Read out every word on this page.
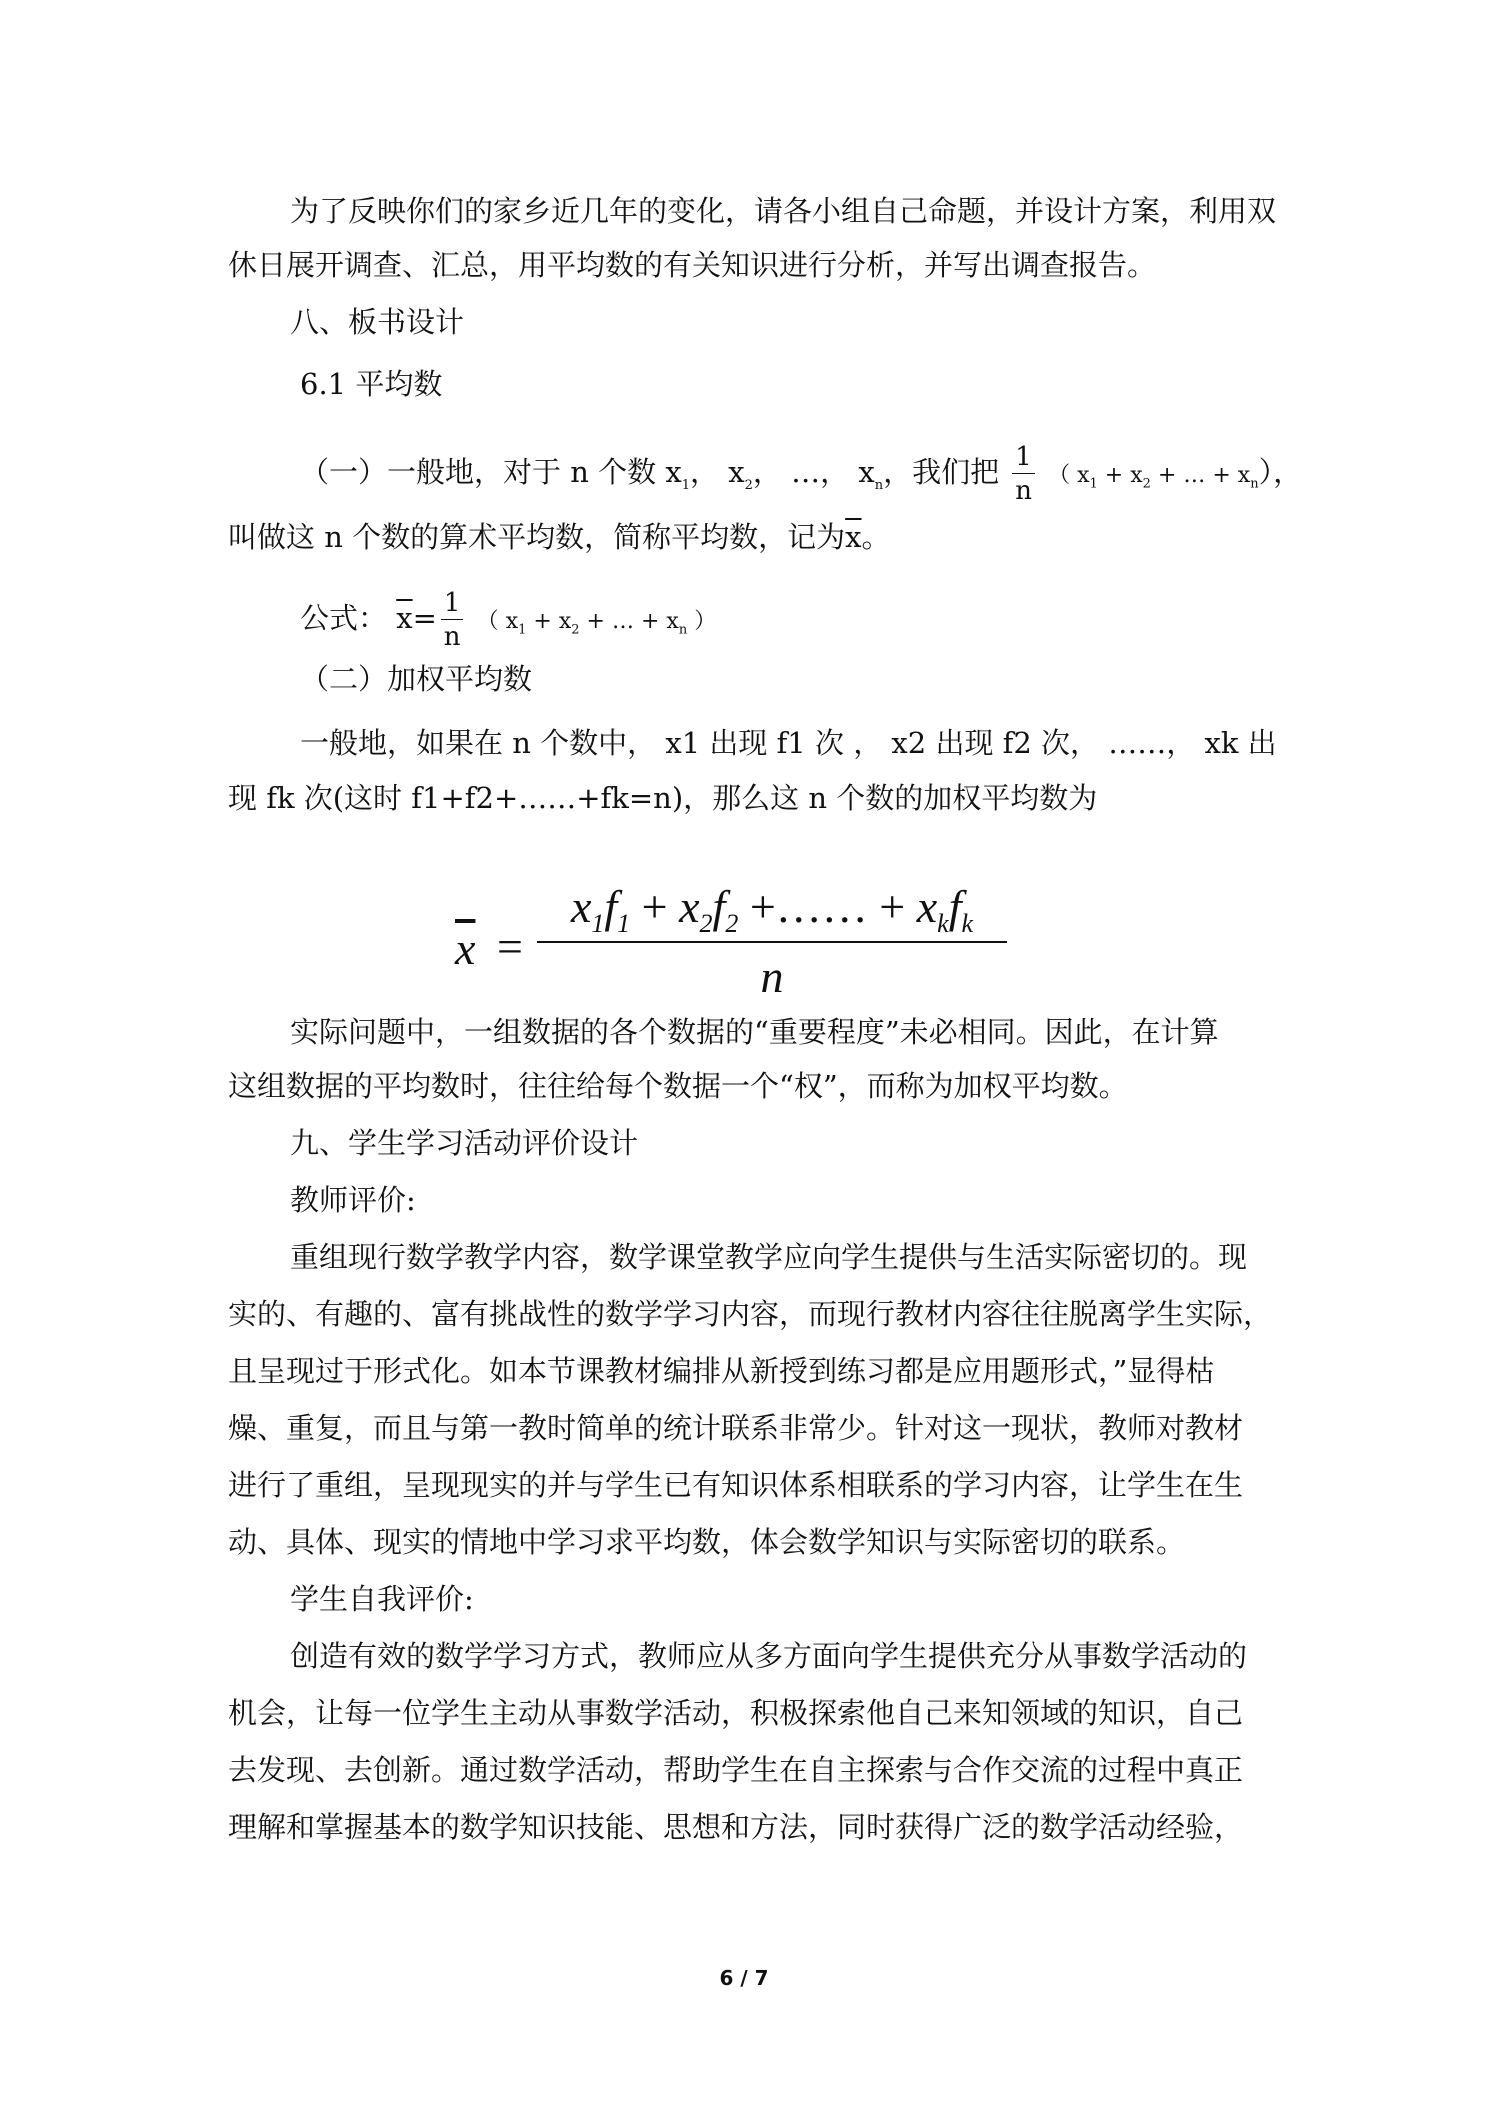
为了反映你们的家乡近几年的变化，请各小组自己命题，并设计方案，利用双
休日展开调查、汇总，用平均数的有关知识进行分析，并写出调查报告。
八、板书设计
6.1 平均数
（一）一般地，对于 n 个数 $x_1$， $x_2$， …， $x_n$，我们把 $\frac{1}{n}$ （ $x_1 + x_2$ + … + $x_n$），
叫做这 n 个数的算术平均数，简称平均数，记为$\overline{x}$。
公式： $\overline{x}= \frac{1}{n}$ （ $x_1 + x_2$ + … + $x_n$ ）
（二）加权平均数
一般地，如果在 n 个数中， x1 出现 f1 次 ， x2 出现 f2 次， ……， xk 出
现 fk 次(这时 f1+f2+……+fk=n)，那么这 n 个数的加权平均数为
$\overline{x}$ =
$x_1f_1 + x_2f_2$ +…… + $x_kf_k$
n
实际问题中，一组数据的各个数据的“重要程度”未必相同。因此，在计算
这组数据的平均数时，往往给每个数据一个“权”，而称为加权平均数。
九、学生学习活动评价设计
教师评价:
重组现行数学教学内容，数学课堂教学应向学生提供与生活实际密切的。现
实的、有趣的、富有挑战性的数学学习内容，而现行教材内容往往脱离学生实际，
且呈现过于形式化。如本节课教材编排从新授到练习都是应用题形式，”显得枯
燥、重复，而且与第一教时简单的统计联系非常少。针对这一现状，教师对教材
进行了重组，呈现现实的并与学生已有知识体系相联系的学习内容，让学生在生
动、具体、现实的情地中学习求平均数，体会数学知识与实际密切的联系。
学生自我评价:
创造有效的数学学习方式，教师应从多方面向学生提供充分从事数学活动的
机会，让每一位学生主动从事数学活动，积极探索他自己来知领域的知识，自己
去发现、去创新。通过数学活动，帮助学生在自主探索与合作交流的过程中真正
理解和掌握基本的数学知识技能、思想和方法，同时获得广泛的数学活动经验，
6 / 7
